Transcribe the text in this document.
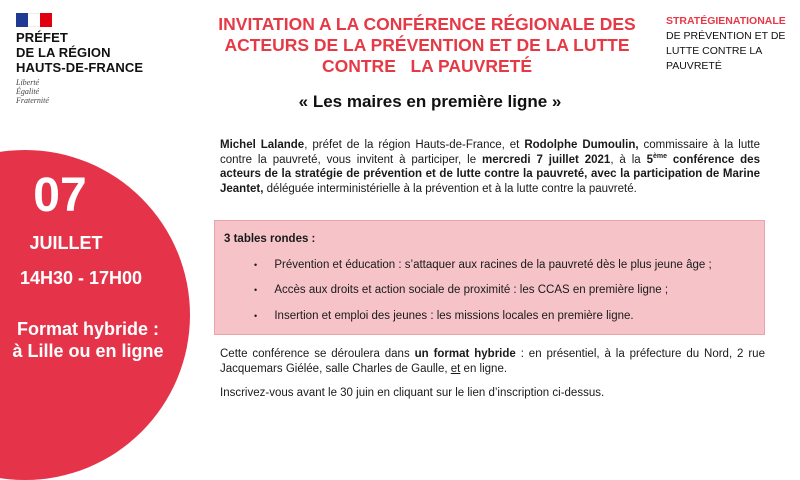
PRÉFET
DE LA RÉGION
HAUTS-DE-FRANCE
Liberté
Égalité
Fraternité
INVITATION A LA CONFÉRENCE RÉGIONALE DES
ACTEURS DE LA PRÉVENTION ET DE LA LUTTE
CONTRE   LA PAUVRETÉ
STRATÉGIENATIONALE
DE PRÉVENTION ET DE
LUTTE CONTRE LA
PAUVRETÉ
« Les maires en première ligne »
07
JUILLET
14H30 - 17H00
Format hybride :
à Lille ou en ligne
Michel Lalande, préfet de la région Hauts-de-France, et Rodolphe Dumoulin, commissaire à la lutte contre la pauvreté, vous invitent à participer, le mercredi 7 juillet 2021, à la 5ème conférence des acteurs de la stratégie de prévention et de lutte contre la pauvreté, avec la participation de Marine Jeantet, déléguée interministérielle à la prévention et à la lutte contre la pauvreté.
3 tables rondes :
• Prévention et éducation : s’attaquer aux racines de la pauvreté dès le plus jeune âge ;
• Accès aux droits et action sociale de proximité : les CCAS en première ligne ;
• Insertion et emploi des jeunes : les missions locales en première ligne.
Cette conférence se déroulera dans un format hybride : en présentiel, à la préfecture du Nord, 2 rue Jacquemars Giélée, salle Charles de Gaulle, et en ligne.
Inscrivez-vous avant le 30 juin en cliquant sur le lien d’inscription ci-dessus.
